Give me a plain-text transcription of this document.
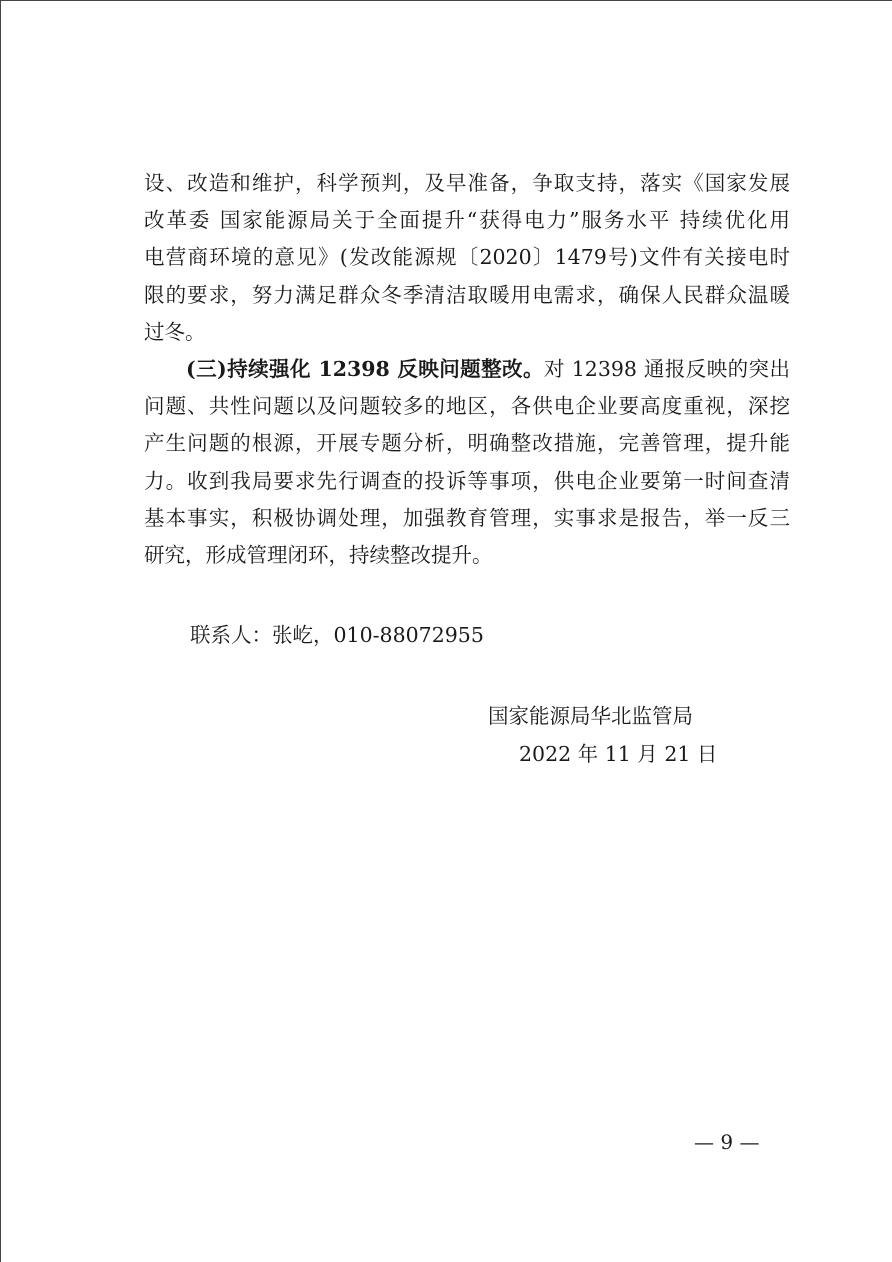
设、改造和维护，科学预判，及早准备，争取支持，落实《国家发展
改革委 国家能源局关于全面提升“获得电力”服务水平 持续优化用
电营商环境的意见》(发改能源规〔2020〕1479号)文件有关接电时
限的要求，努力满足群众冬季清洁取暖用电需求，确保人民群众温暖
过冬。

(三)持续强化 12398 反映问题整改。对 12398 通报反映的突出
问题、共性问题以及问题较多的地区，各供电企业要高度重视，深挖
产生问题的根源，开展专题分析，明确整改措施，完善管理，提升能
力。收到我局要求先行调查的投诉等事项，供电企业要第一时间查清
基本事实，积极协调处理，加强教育管理，实事求是报告，举一反三
研究，形成管理闭环，持续整改提升。

联系人：张屹，010-88072955
国家能源局华北监管局
2022 年 11 月 21 日
— 9 —
